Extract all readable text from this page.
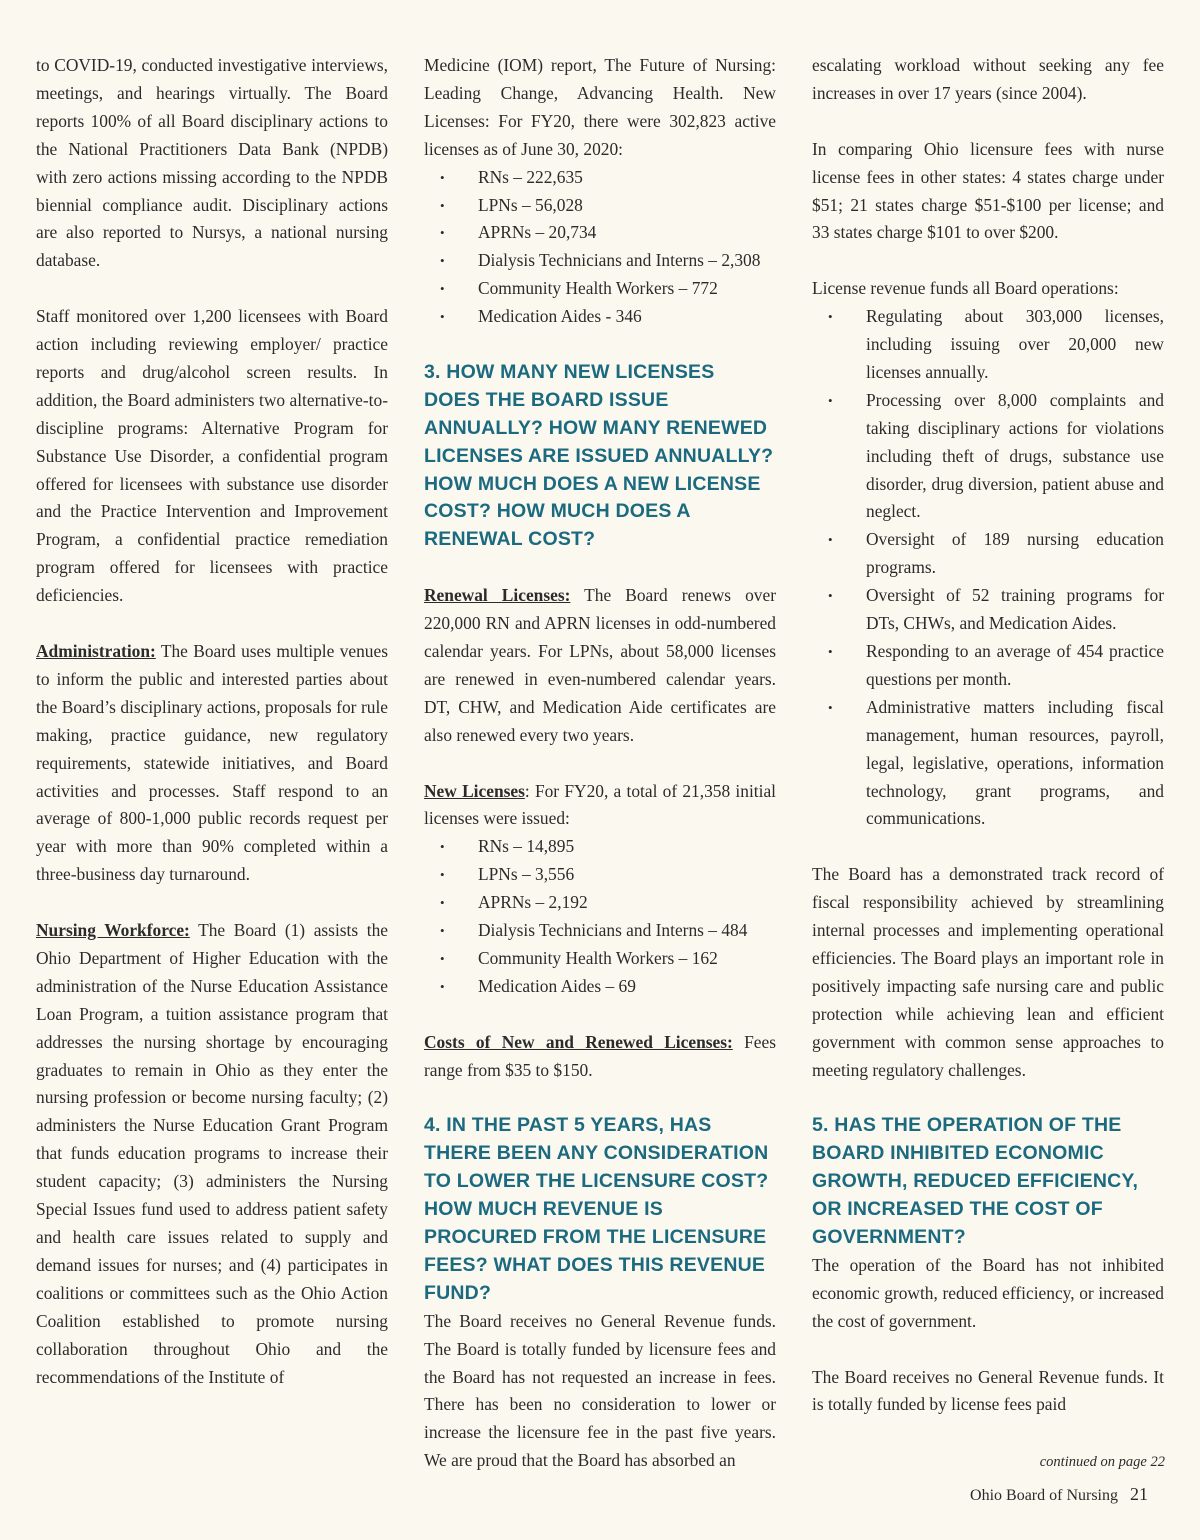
to COVID-19, conducted investigative interviews, meetings, and hearings virtually. The Board reports 100% of all Board disciplinary actions to the National Practitioners Data Bank (NPDB) with zero actions missing according to the NPDB biennial compliance audit. Disciplinary actions are also reported to Nursys, a national nursing database.

Staff monitored over 1,200 licensees with Board action including reviewing employer/ practice reports and drug/alcohol screen results. In addition, the Board administers two alternative-to-discipline programs: Alternative Program for Substance Use Disorder, a confidential program offered for licensees with substance use disorder and the Practice Intervention and Improvement Program, a confidential practice remediation program offered for licensees with practice deficiencies.

Administration: The Board uses multiple venues to inform the public and interested parties about the Board’s disciplinary actions, proposals for rule making, practice guidance, new regulatory requirements, statewide initiatives, and Board activities and processes. Staff respond to an average of 800-1,000 public records request per year with more than 90% completed within a three-business day turnaround.

Nursing Workforce: The Board (1) assists the Ohio Department of Higher Education with the administration of the Nurse Education Assistance Loan Program, a tuition assistance program that addresses the nursing shortage by encouraging graduates to remain in Ohio as they enter the nursing profession or become nursing faculty; (2) administers the Nurse Education Grant Program that funds education programs to increase their student capacity; (3) administers the Nursing Special Issues fund used to address patient safety and health care issues related to supply and demand issues for nurses; and (4) participates in coalitions or committees such as the Ohio Action Coalition established to promote nursing collaboration throughout Ohio and the recommendations of the Institute of

Medicine (IOM) report, The Future of Nursing: Leading Change, Advancing Health. New Licenses: For FY20, there were 302,823 active licenses as of June 30, 2020:

• RNs – 222,635
• LPNs – 56,028
• APRNs – 20,734
• Dialysis Technicians and Interns – 2,308
• Community Health Workers – 772
• Medication Aides - 346
3. HOW MANY NEW LICENSES DOES THE BOARD ISSUE ANNUALLY? HOW MANY RENEWED LICENSES ARE ISSUED ANNUALLY? HOW MUCH DOES A NEW LICENSE COST? HOW MUCH DOES A RENEWAL COST?

Renewal Licenses: The Board renews over 220,000 RN and APRN licenses in odd-numbered calendar years. For LPNs, about 58,000 licenses are renewed in even-numbered calendar years. DT, CHW, and Medication Aide certificates are also renewed every two years.

New Licenses: For FY20, a total of 21,358 initial licenses were issued:

• RNs – 14,895
• LPNs – 3,556
• APRNs – 2,192
• Dialysis Technicians and Interns – 484
• Community Health Workers – 162
• Medication Aides – 69

Costs of New and Renewed Licenses: Fees range from $35 to $150.

4. IN THE PAST 5 YEARS, HAS THERE BEEN ANY CONSIDERATION TO LOWER THE LICENSURE COST? HOW MUCH REVENUE IS PROCURED FROM THE LICENSURE FEES? WHAT DOES THIS REVENUE FUND?

The Board receives no General Revenue funds. The Board is totally funded by licensure fees and the Board has not requested an increase in fees. There has been no consideration to lower or increase the licensure fee in the past five years. We are proud that the Board has absorbed an

escalating workload without seeking any fee increases in over 17 years (since 2004).

In comparing Ohio licensure fees with nurse license fees in other states: 4 states charge under $51; 21 states charge $51-$100 per license; and 33 states charge $101 to over $200.

License revenue funds all Board operations:

• Regulating about 303,000 licenses, including issuing over 20,000 new licenses annually.
• Processing over 8,000 complaints and taking disciplinary actions for violations including theft of drugs, substance use disorder, drug diversion, patient abuse and neglect.
• Oversight of 189 nursing education programs.
• Oversight of 52 training programs for DTs, CHWs, and Medication Aides.
• Responding to an average of 454 practice questions per month.
• Administrative matters including fiscal management, human resources, payroll, legal, legislative, operations, information technology, grant programs, and communications.

The Board has a demonstrated track record of fiscal responsibility achieved by streamlining internal processes and implementing operational efficiencies. The Board plays an important role in positively impacting safe nursing care and public protection while achieving lean and efficient government with common sense approaches to meeting regulatory challenges.

5. HAS THE OPERATION OF THE BOARD INHIBITED ECONOMIC GROWTH, REDUCED EFFICIENCY, OR INCREASED THE COST OF GOVERNMENT?

The operation of the Board has not inhibited economic growth, reduced efficiency, or increased the cost of government.

The Board receives no General Revenue funds. It is totally funded by license fees paid

continued on page 22
Ohio Board of Nursing 21
